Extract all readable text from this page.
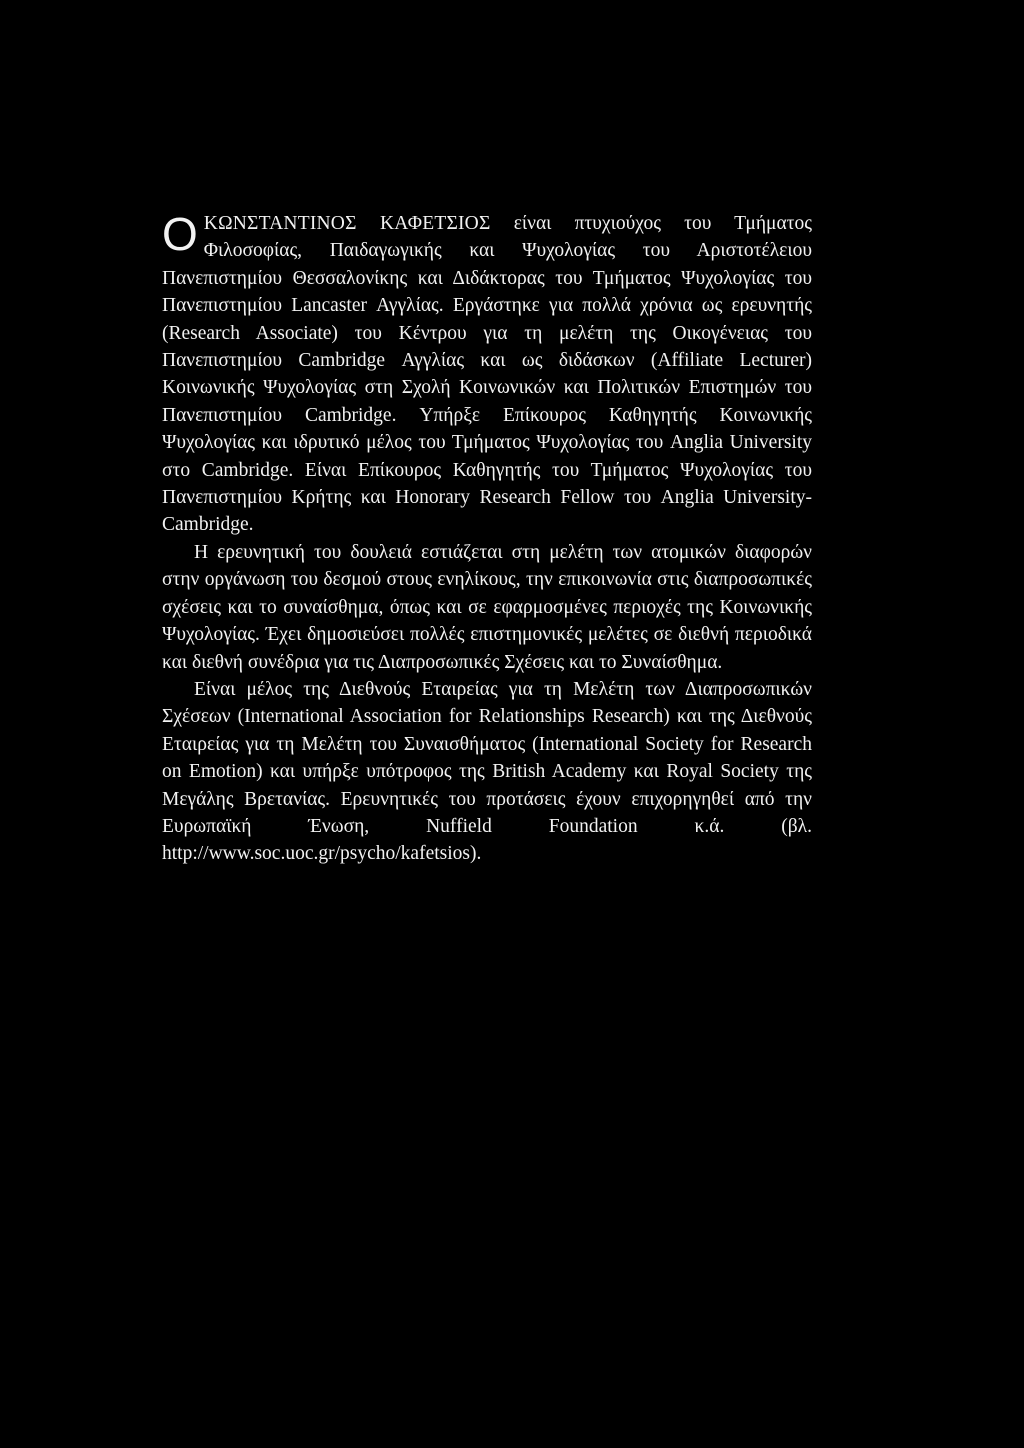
ΟΚΩΝΣΤΑΝΤΙΝΟΣ ΚΑΦΕΤΣΙΟΣ είναι πτυχιούχος του Τμήματος Φιλοσοφίας, Παιδαγωγικής και Ψυχολογίας του Αριστοτέλειου Πανεπιστημίου Θεσσαλονίκης και Διδάκτορας του Τμήματος Ψυχολογίας του Πανεπιστημίου Lancaster Αγγλίας. Εργάστηκε για πολλά χρόνια ως ερευνητής (Research Associate) του Κέντρου για τη μελέτη της Οικογένειας του Πανεπιστημίου Cambridge Αγγλίας και ως διδάσκων (Affiliate Lecturer) Κοινωνικής Ψυχολογίας στη Σχολή Κοινωνικών και Πολιτικών Επιστημών του Πανεπιστημίου Cambridge. Υπήρξε Επίκουρος Καθηγητής Κοινωνικής Ψυχολογίας και ιδρυτικό μέλος του Τμήματος Ψυχολογίας του Anglia University στο Cambridge. Είναι Επίκουρος Καθηγητής του Τμήματος Ψυχολογίας του Πανεπιστημίου Κρήτης και Honorary Research Fellow του Anglia University-Cambridge.

Η ερευνητική του δουλειά εστιάζεται στη μελέτη των ατομικών διαφορών στην οργάνωση του δεσμού στους ενηλίκους, την επικοινωνία στις διαπροσωπικές σχέσεις και το συναίσθημα, όπως και σε εφαρμοσμένες περιοχές της Κοινωνικής Ψυχολογίας. Έχει δημοσιεύσει πολλές επιστημονικές μελέτες σε διεθνή περιοδικά και διεθνή συνέδρια για τις Διαπροσωπικές Σχέσεις και το Συναίσθημα.

Είναι μέλος της Διεθνούς Εταιρείας για τη Μελέτη των Διαπροσωπικών Σχέσεων (International Association for Relationships Research) και της Διεθνούς Εταιρείας για τη Μελέτη του Συναισθήματος (International Society for Research on Emotion) και υπήρξε υπότροφος της British Academy και Royal Society της Μεγάλης Βρετανίας. Ερευνητικές του προτάσεις έχουν επιχορηγηθεί από την Ευρωπαϊκή Ένωση, Nuffield Foundation κ.ά. (βλ. http://www.soc.uoc.gr/psycho/kafetsios).
